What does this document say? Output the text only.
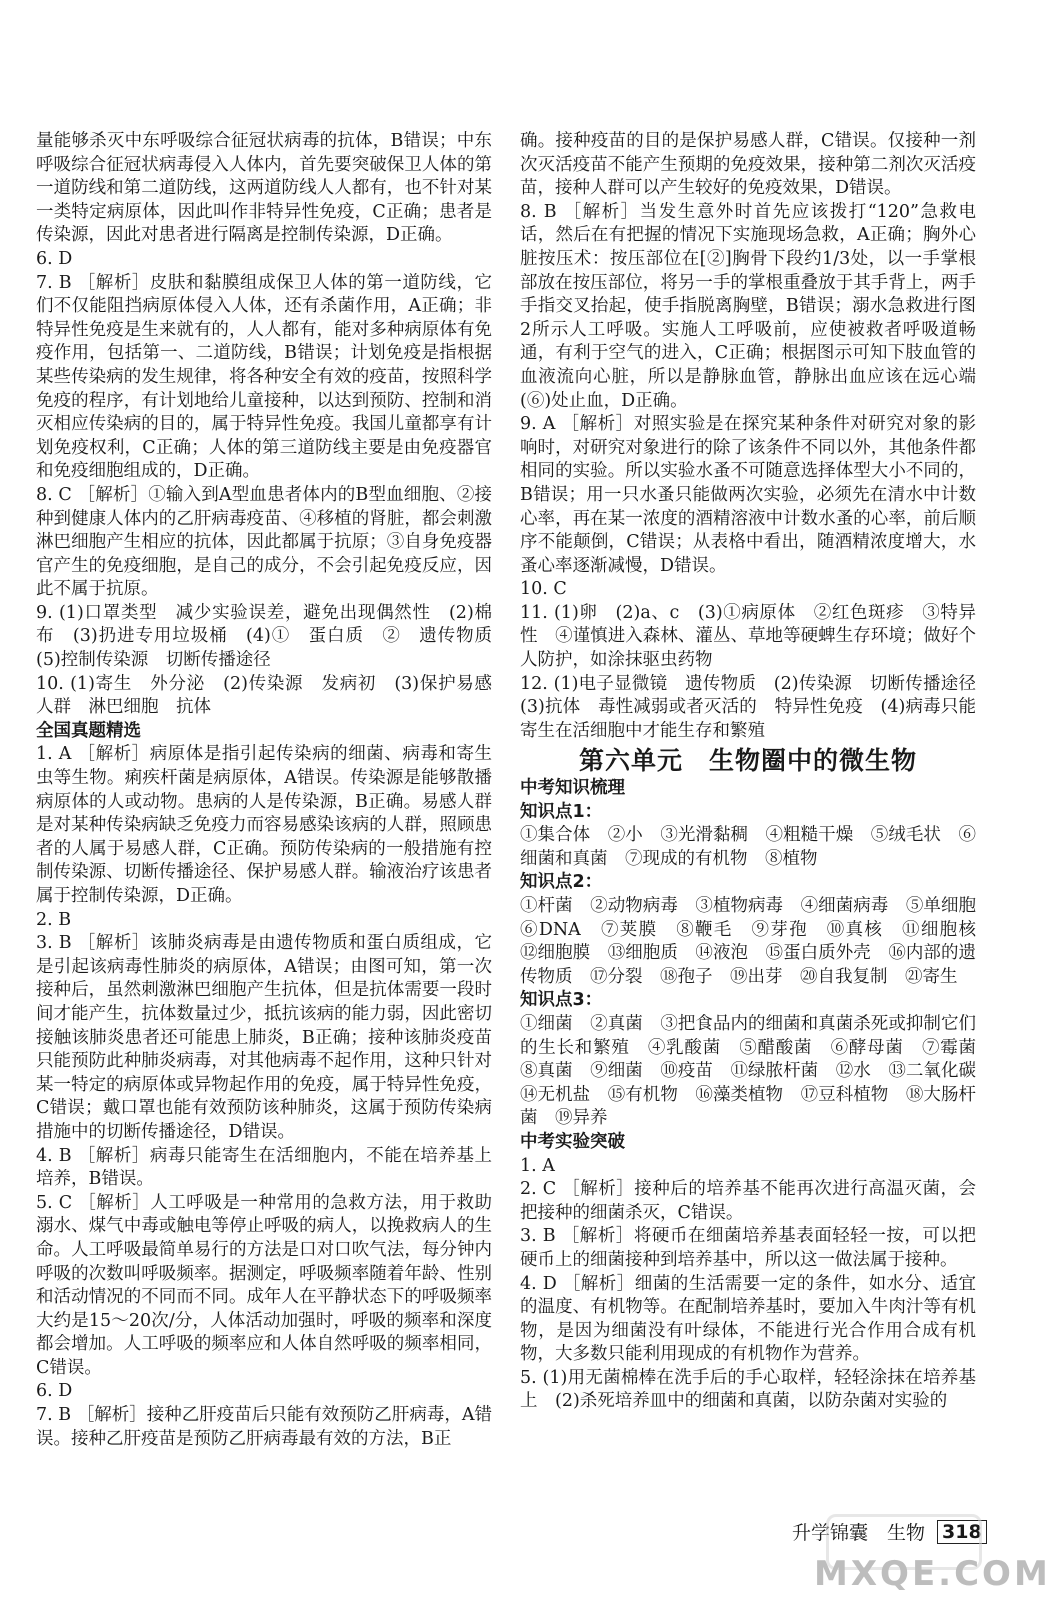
量能够杀灭中东呼吸综合征冠状病毒的抗体，B错误；中东呼吸综合征冠状病毒侵入人体内，首先要突破保卫人体的第一道防线和第二道防线，这两道防线人人都有，也不针对某一类特定病原体，因此叫作非特异性免疫，C正确；患者是传染源，因此对患者进行隔离是控制传染源，D正确。

6. D

7. B ［解析］皮肤和黏膜组成保卫人体的第一道防线，它们不仅能阻挡病原体侵入人体，还有杀菌作用，A正确；非特异性免疫是生来就有的，人人都有，能对多种病原体有免疫作用，包括第一、二道防线，B错误；计划免疫是指根据某些传染病的发生规律，将各种安全有效的疫苗，按照科学免疫的程序，有计划地给儿童接种，以达到预防、控制和消灭相应传染病的目的，属于特异性免疫。我国儿童都享有计划免疫权利，C正确；人体的第三道防线主要是由免疫器官和免疫细胞组成的，D正确。

8. C ［解析］①输入到A型血患者体内的B型血细胞、②接种到健康人体内的乙肝病毒疫苗、④移植的肾脏，都会刺激淋巴细胞产生相应的抗体，因此都属于抗原；③自身免疫器官产生的免疫细胞，是自己的成分，不会引起免疫反应，因此不属于抗原。

9. (1)口罩类型　减少实验误差，避免出现偶然性　(2)棉布　(3)扔进专用垃圾桶　(4)①　蛋白质　②　遗传物质　(5)控制传染源　切断传播途径

10. (1)寄生　外分泌　(2)传染源　发病初　(3)保护易感人群　淋巴细胞　抗体

全国真题精选

1. A ［解析］病原体是指引起传染病的细菌、病毒和寄生虫等生物。痢疾杆菌是病原体，A错误。传染源是能够散播病原体的人或动物。患病的人是传染源，B正确。易感人群是对某种传染病缺乏免疫力而容易感染该病的人群，照顾患者的人属于易感人群，C正确。预防传染病的一般措施有控制传染源、切断传播途径、保护易感人群。输液治疗该患者属于控制传染源，D正确。

2. B

3. B ［解析］该肺炎病毒是由遗传物质和蛋白质组成，它是引起该病毒性肺炎的病原体，A错误；由图可知，第一次接种后，虽然刺激淋巴细胞产生抗体，但是抗体需要一段时间才能产生，抗体数量过少，抵抗该病的能力弱，因此密切接触该肺炎患者还可能患上肺炎，B正确；接种该肺炎疫苗只能预防此种肺炎病毒，对其他病毒不起作用，这种只针对某一特定的病原体或异物起作用的免疫，属于特异性免疫，C错误；戴口罩也能有效预防该种肺炎，这属于预防传染病措施中的切断传播途径，D错误。

4. B ［解析］病毒只能寄生在活细胞内，不能在培养基上培养，B错误。

5. C ［解析］人工呼吸是一种常用的急救方法，用于救助溺水、煤气中毒或触电等停止呼吸的病人，以挽救病人的生命。人工呼吸最简单易行的方法是口对口吹气法，每分钟内呼吸的次数叫呼吸频率。据测定，呼吸频率随着年龄、性别和活动情况的不同而不同。成年人在平静状态下的呼吸频率大约是15～20次/分，人体活动加强时，呼吸的频率和深度都会增加。人工呼吸的频率应和人体自然呼吸的频率相同，C错误。

6. D

7. B ［解析］接种乙肝疫苗后只能有效预防乙肝病毒，A错误。接种乙肝疫苗是预防乙肝病毒最有效的方法，B正

确。接种疫苗的目的是保护易感人群，C错误。仅接种一剂次灭活疫苗不能产生预期的免疫效果，接种第二剂次灭活疫苗，接种人群可以产生较好的免疫效果，D错误。

8. B ［解析］当发生意外时首先应该拨打“120”急救电话，然后在有把握的情况下实施现场急救，A正确；胸外心脏按压术：按压部位在[②]胸骨下段约1/3处，以一手掌根部放在按压部位，将另一手的掌根重叠放于其手背上，两手手指交叉抬起，使手指脱离胸壁，B错误；溺水急救进行图2所示人工呼吸。实施人工呼吸前，应使被救者呼吸道畅通，有利于空气的进入，C正确；根据图示可知下肢血管的血液流向心脏，所以是静脉血管，静脉出血应该在远心端(⑥)处止血，D正确。

9. A ［解析］对照实验是在探究某种条件对研究对象的影响时，对研究对象进行的除了该条件不同以外，其他条件都相同的实验。所以实验水蚤不可随意选择体型大小不同的，B错误；用一只水蚤只能做两次实验，必须先在清水中计数心率，再在某一浓度的酒精溶液中计数水蚤的心率，前后顺序不能颠倒，C错误；从表格中看出，随酒精浓度增大，水蚤心率逐渐减慢，D错误。

10. C

11. (1)卵　(2)a、c　(3)①病原体　②红色斑疹　③特异性　④谨慎进入森林、灌丛、草地等硬蜱生存环境；做好个人防护，如涂抹驱虫药物

12. (1)电子显微镜　遗传物质　(2)传染源　切断传播途径　(3)抗体　毒性减弱或者灭活的　特异性免疫　(4)病毒只能寄生在活细胞中才能生存和繁殖

第六单元　生物圈中的微生物

中考知识梳理

知识点1：

①集合体　②小　③光滑黏稠　④粗糙干燥　⑤绒毛状　⑥细菌和真菌　⑦现成的有机物　⑧植物

知识点2：

①杆菌　②动物病毒　③植物病毒　④细菌病毒　⑤单细胞　⑥DNA　⑦荚膜　⑧鞭毛　⑨芽孢　⑩真核　⑪细胞核　⑫细胞膜　⑬细胞质　⑭液泡　⑮蛋白质外壳　⑯内部的遗传物质　⑰分裂　⑱孢子　⑲出芽　⑳自我复制　㉑寄生

知识点3：

①细菌　②真菌　③把食品内的细菌和真菌杀死或抑制它们的生长和繁殖　④乳酸菌　⑤醋酸菌　⑥酵母菌　⑦霉菌　⑧真菌　⑨细菌　⑩疫苗　⑪绿脓杆菌　⑫水　⑬二氧化碳　⑭无机盐　⑮有机物　⑯藻类植物　⑰豆科植物　⑱大肠杆菌　⑲异养

中考实验突破

1. A

2. C ［解析］接种后的培养基不能再次进行高温灭菌，会把接种的细菌杀灭，C错误。

3. B ［解析］将硬币在细菌培养基表面轻轻一按，可以把硬币上的细菌接种到培养基中，所以这一做法属于接种。

4. D ［解析］细菌的生活需要一定的条件，如水分、适宜的温度、有机物等。在配制培养基时，要加入牛肉汁等有机物，是因为细菌没有叶绿体，不能进行光合作用合成有机物，大多数只能利用现成的有机物作为营养。

5. (1)用无菌棉棒在洗手后的手心取样，轻轻涂抹在培养基上　(2)杀死培养皿中的细菌和真菌，以防杂菌对实验的

升学锦囊　生物 318
MXQE.COM
